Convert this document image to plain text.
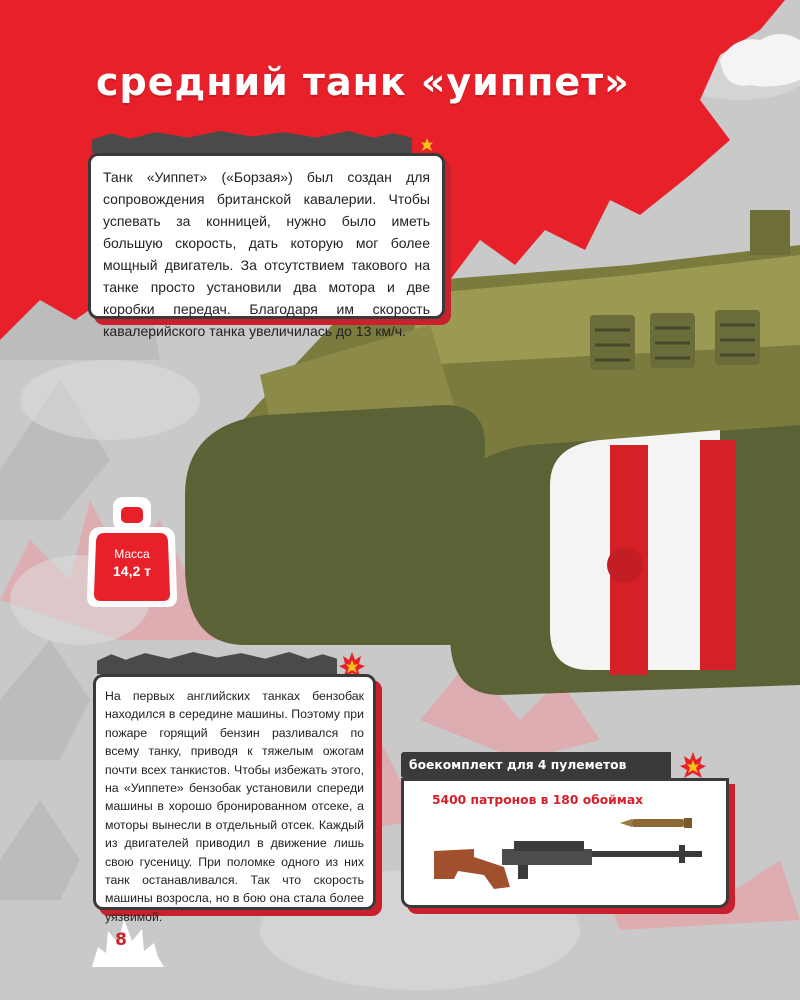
средний танк «уиппет»
Танк «Уиппет» («Борзая») был создан для сопровождения британской кавалерии. Чтобы успевать за конницей, нужно было иметь большую скорость, дать которую мог более мощный двигатель. За отсутствием такового на танке просто установили два мотора и две коробки передач. Благодаря им скорость кавалерийского танка увеличилась до 13 км/ч.
Масса
14,2 т
На первых английских танках бензобак находился в середине машины. Поэтому при пожаре горящий бензин разливался по всему танку, приводя к тяжелым ожогам почти всех танкистов. Чтобы избежать этого, на «Уиппете» бензобак установили спереди машины в хорошо бронированном отсеке, а моторы вынесли в отдельный отсек. Каждый из двигателей приводил в движение лишь свою гусеницу. При поломке одного из них танк останавливался. Так что скорость машины возросла, но в бою она стала более уязвимой.
боекомплект для 4 пулеметов
5400 патронов в 180 обоймах
8
